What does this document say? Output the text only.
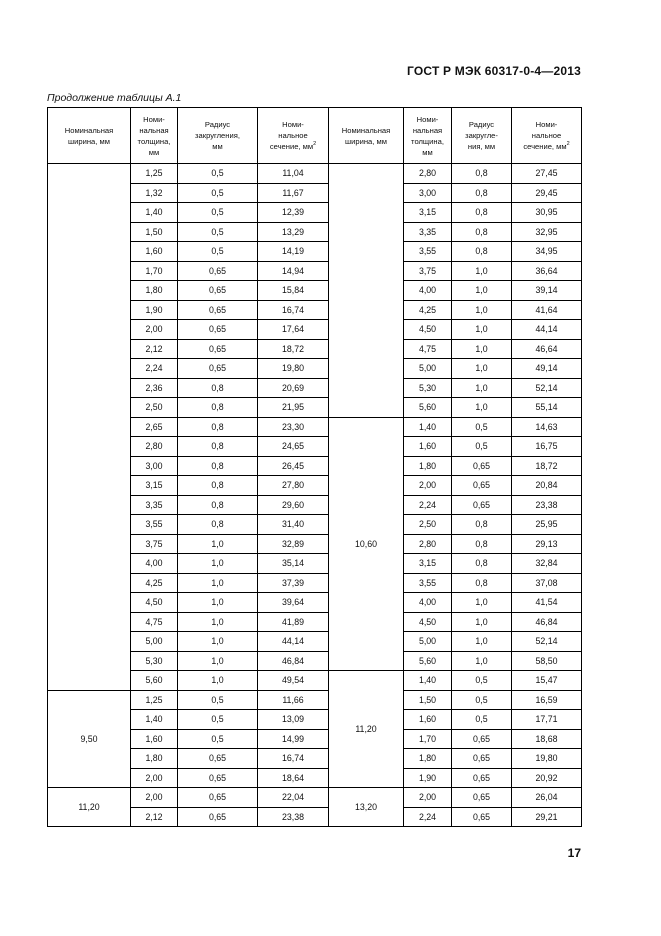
ГОСТ Р МЭК 60317-0-4—2013
Продолжение таблицы А.1
Номинальная
ширина, мм	Номи-
нальная
толщина,
мм	Радиус
закругления,
мм	Номи-
нальное
сечение, $мм^2$	Номинальная
ширина, мм	Номи-
нальная
толщина,
мм	Радиус
закругле-
ния, мм	Номи-
нальное
сечение, $мм^2$
	1,25	0,5	11,04		2,80	0,8	27,45
	1,32	0,5	11,67		3,00	0,8	29,45
	1,40	0,5	12,39		3,15	0,8	30,95
	1,50	0,5	13,29		3,35	0,8	32,95
	1,60	0,5	14,19		3,55	0,8	34,95
	1,70	0,65	14,94		3,75	1,0	36,64
	1,80	0,65	15,84		4,00	1,0	39,14
	1,90	0,65	16,74		4,25	1,0	41,64
	2,00	0,65	17,64		4,50	1,0	44,14
	2,12	0,65	18,72		4,75	1,0	46,64
	2,24	0,65	19,80		5,00	1,0	49,14
	2,36	0,8	20,69		5,30	1,0	52,14
	2,50	0,8	21,95		5,60	1,0	55,14
	2,65	0,8	23,30	10,60	1,40	0,5	14,63
	2,80	0,8	24,65		1,60	0,5	16,75
	3,00	0,8	26,45		1,80	0,65	18,72
	3,15	0,8	27,80		2,00	0,65	20,84
	3,35	0,8	29,60		2,24	0,65	23,38
	3,55	0,8	31,40		2,50	0,8	25,95
	3,75	1,0	32,89		2,80	0,8	29,13
	4,00	1,0	35,14		3,15	0,8	32,84
	4,25	1,0	37,39		3,55	0,8	37,08
	4,50	1,0	39,64		4,00	1,0	41,54
	4,75	1,0	41,89		4,50	1,0	46,84
	5,00	1,0	44,14		5,00	1,0	52,14
	5,30	1,0	46,84		5,60	1,0	58,50
	5,60	1,0	49,54	11,20	1,40	0,5	15,47
9,50	1,25	0,5	11,66		1,50	0,5	16,59
	1,40	0,5	13,09		1,60	0,5	17,71
	1,60	0,5	14,99		1,70	0,65	18,68
	1,80	0,65	16,74		1,80	0,65	19,80
	2,00	0,65	18,64		1,90	0,65	20,92
11,20	2,00	0,65	22,04	13,20	2,00	0,65	26,04
	2,12	0,65	23,38		2,24	0,65	29,21
17
